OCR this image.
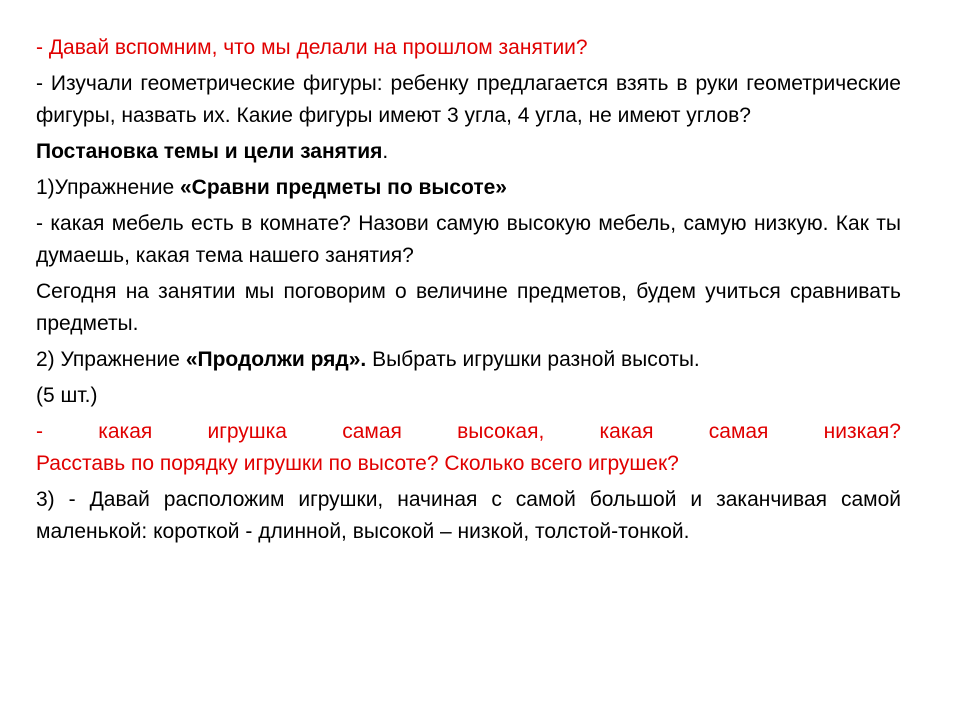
- Давай вспомним, что мы делали на прошлом занятии?

- Изучали геометрические фигуры: ребенку предлагается взять в руки геометрические фигуры, назвать их. Какие фигуры имеют 3 угла, 4 угла, не имеют углов?

Постановка темы и цели занятия.

1)Упражнение «Сравни предметы по высоте»

- какая мебель есть в комнате? Назови самую высокую мебель, самую низкую. Как ты думаешь, какая тема нашего занятия?

Сегодня на занятии мы поговорим о величине предметов, будем учиться сравнивать предметы.

2) Упражнение «Продолжи ряд». Выбрать игрушки разной высоты.

(5 шт.)

- какая игрушка самая высокая, какая самая низкая?

Расставь по порядку игрушки по высоте? Сколько всего игрушек?

3) - Давай расположим игрушки, начиная с самой большой и заканчивая самой маленькой: короткой - длинной, высокой – низкой, толстой-тонкой.
